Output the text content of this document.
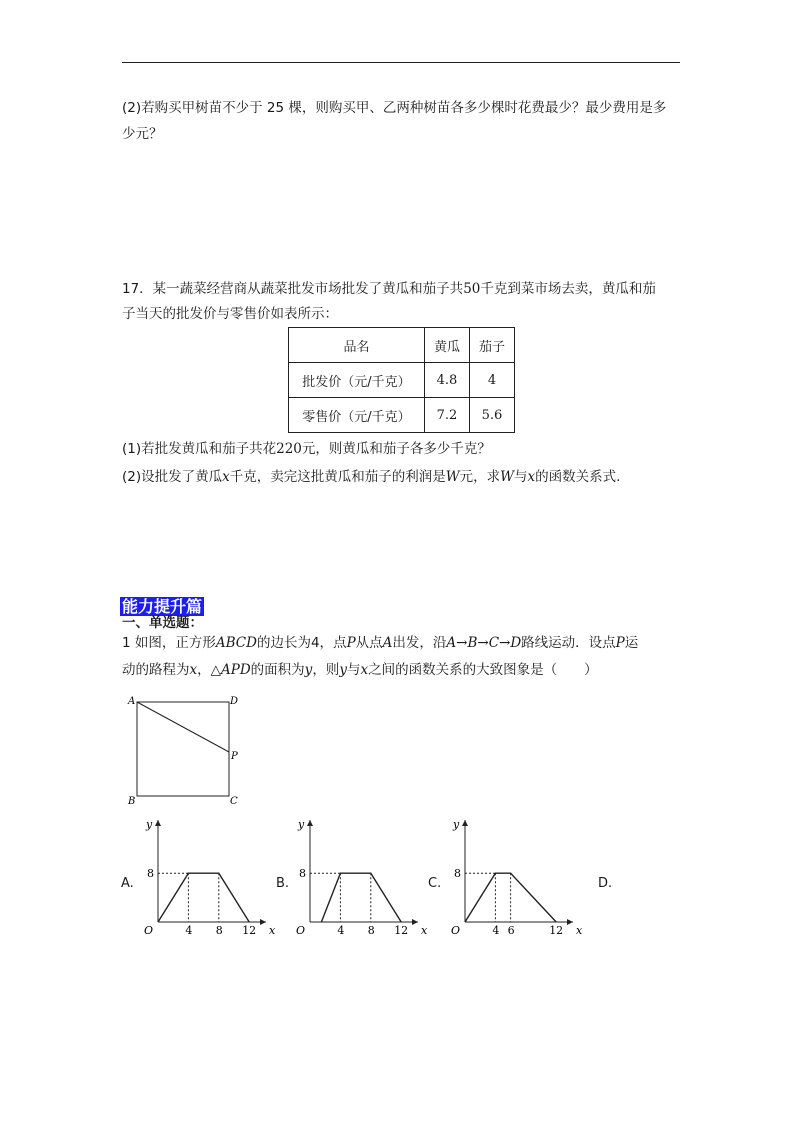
(2)若购买甲树苗不少于 25 棵，则购买甲、乙两种树苗各多少棵时花费最少？最少费用是多
少元？
17．某一蔬菜经营商从蔬菜批发市场批发了黄瓜和茄子共50千克到菜市场去卖，黄瓜和茄
子当天的批发价与零售价如表所示：
品名	黄瓜	茄子
批发价（元/千克）	4.8	4
零售价（元/千克）	7.2	5.6
(1)若批发黄瓜和茄子共花220元，则黄瓜和茄子各多少千克？
(2)设批发了黄瓜x千克，卖完这批黄瓜和茄子的利润是W元，求W与x的函数关系式.
能力提升篇
一、单选题：
1 如图，正方形ABCD的边长为4，点P从点A出发，沿A→B→C→D路线运动．设点P运
动的路程为x，△APD的面积为y，则y与x之间的函数关系的大致图象是（　　）
A	D
B	C
P
A.	B.	C.	D.
x
y
O
8
4 8 12	x
y
O
8
4 8 12	x
y
O
8
4 6	12
